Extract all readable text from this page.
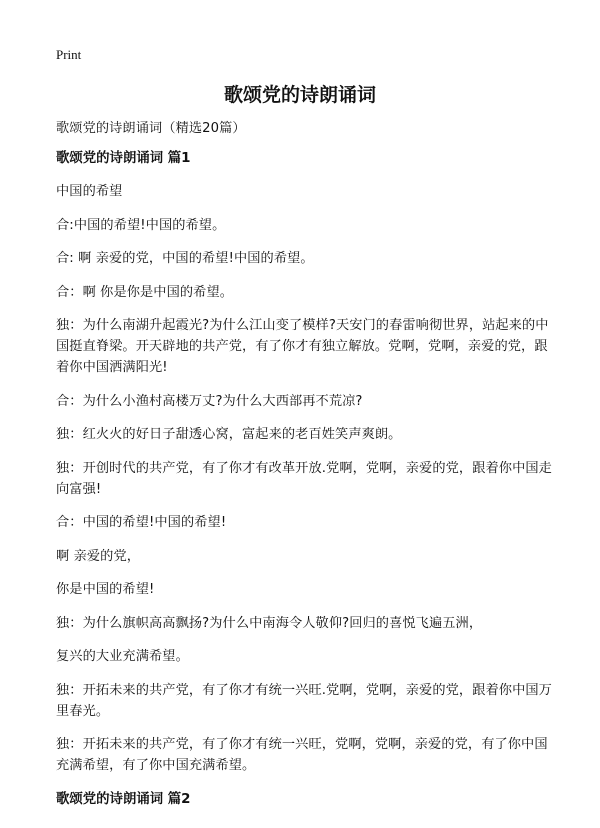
Print
歌颂党的诗朗诵词

歌颂党的诗朗诵词（精选20篇）

歌颂党的诗朗诵词 篇1

中国的希望

合:中国的希望!中国的希望。

合: 啊 亲爱的党，中国的希望!中国的希望。

合：啊 你是你是中国的希望。

独：为什么南湖升起霞光?为什么江山变了模样?天安门的春雷响彻世界，站起来的中国挺直脊梁。开天辟地的共产党，有了你才有独立解放。党啊，党啊，亲爱的党，跟着你中国洒满阳光!

合：为什么小渔村高楼万丈?为什么大西部再不荒凉?

独：红火火的好日子甜透心窝，富起来的老百姓笑声爽朗。

独：开创时代的共产党，有了你才有改革开放.党啊，党啊，亲爱的党，跟着你中国走向富强!

合：中国的希望!中国的希望!

啊 亲爱的党，

你是中国的希望!

独：为什么旗帜高高飘扬?为什么中南海令人敬仰?回归的喜悦飞遍五洲，

复兴的大业充满希望。

独：开拓未来的共产党，有了你才有统一兴旺.党啊，党啊，亲爱的党，跟着你中国万里春光。

独：开拓未来的共产党，有了你才有统一兴旺，党啊，党啊，亲爱的党，有了你中国充满希望，有了你中国充满希望。

歌颂党的诗朗诵词 篇2
